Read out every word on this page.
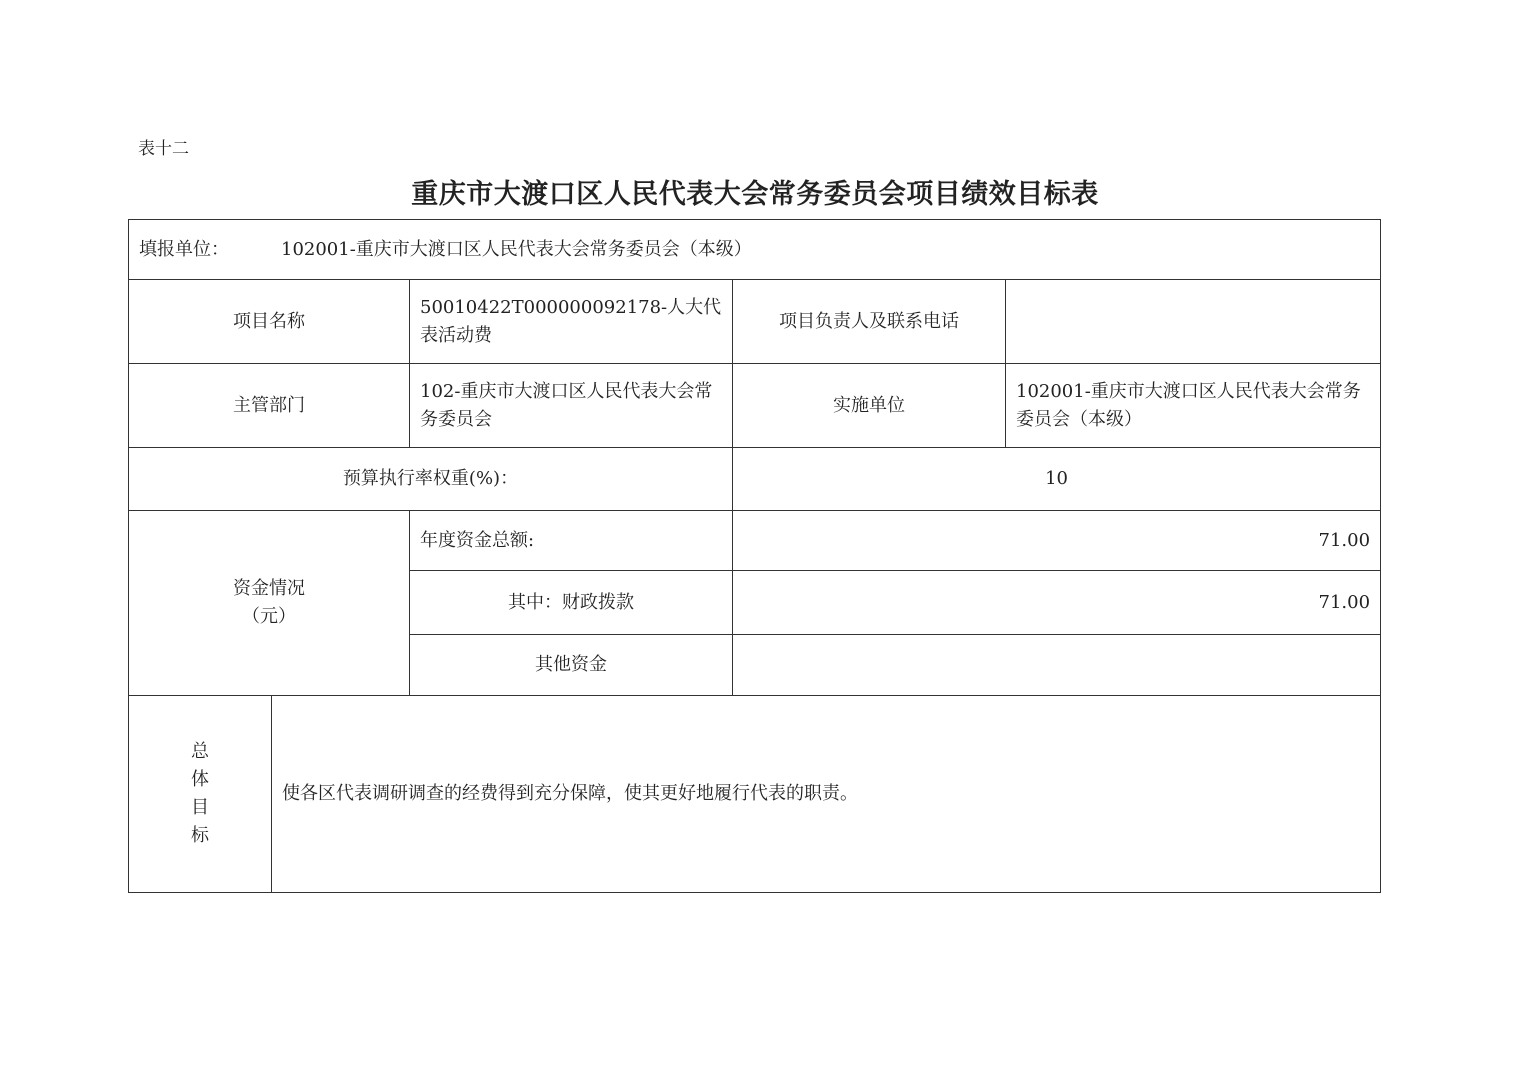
表十二
重庆市大渡口区人民代表大会常务委员会项目绩效目标表
填报单位： 102001-重庆市大渡口区人民代表大会常务委员会（本级）				
项目名称		50010422T000000092178-人大代表活动费	项目负责人及联系电话	
主管部门		102-重庆市大渡口区人民代表大会常务委员会	实施单位	102001-重庆市大渡口区人民代表大会常务委员会（本级）
预算执行率权重(%)：			10	

资金情况
（元）		年度资金总额:	71.00	
		其中：财政拨款	71.00	
		其他资金		

总
体
目
标	使各区代表调研调查的经费得到充分保障，使其更好地履行代表的职责。			
